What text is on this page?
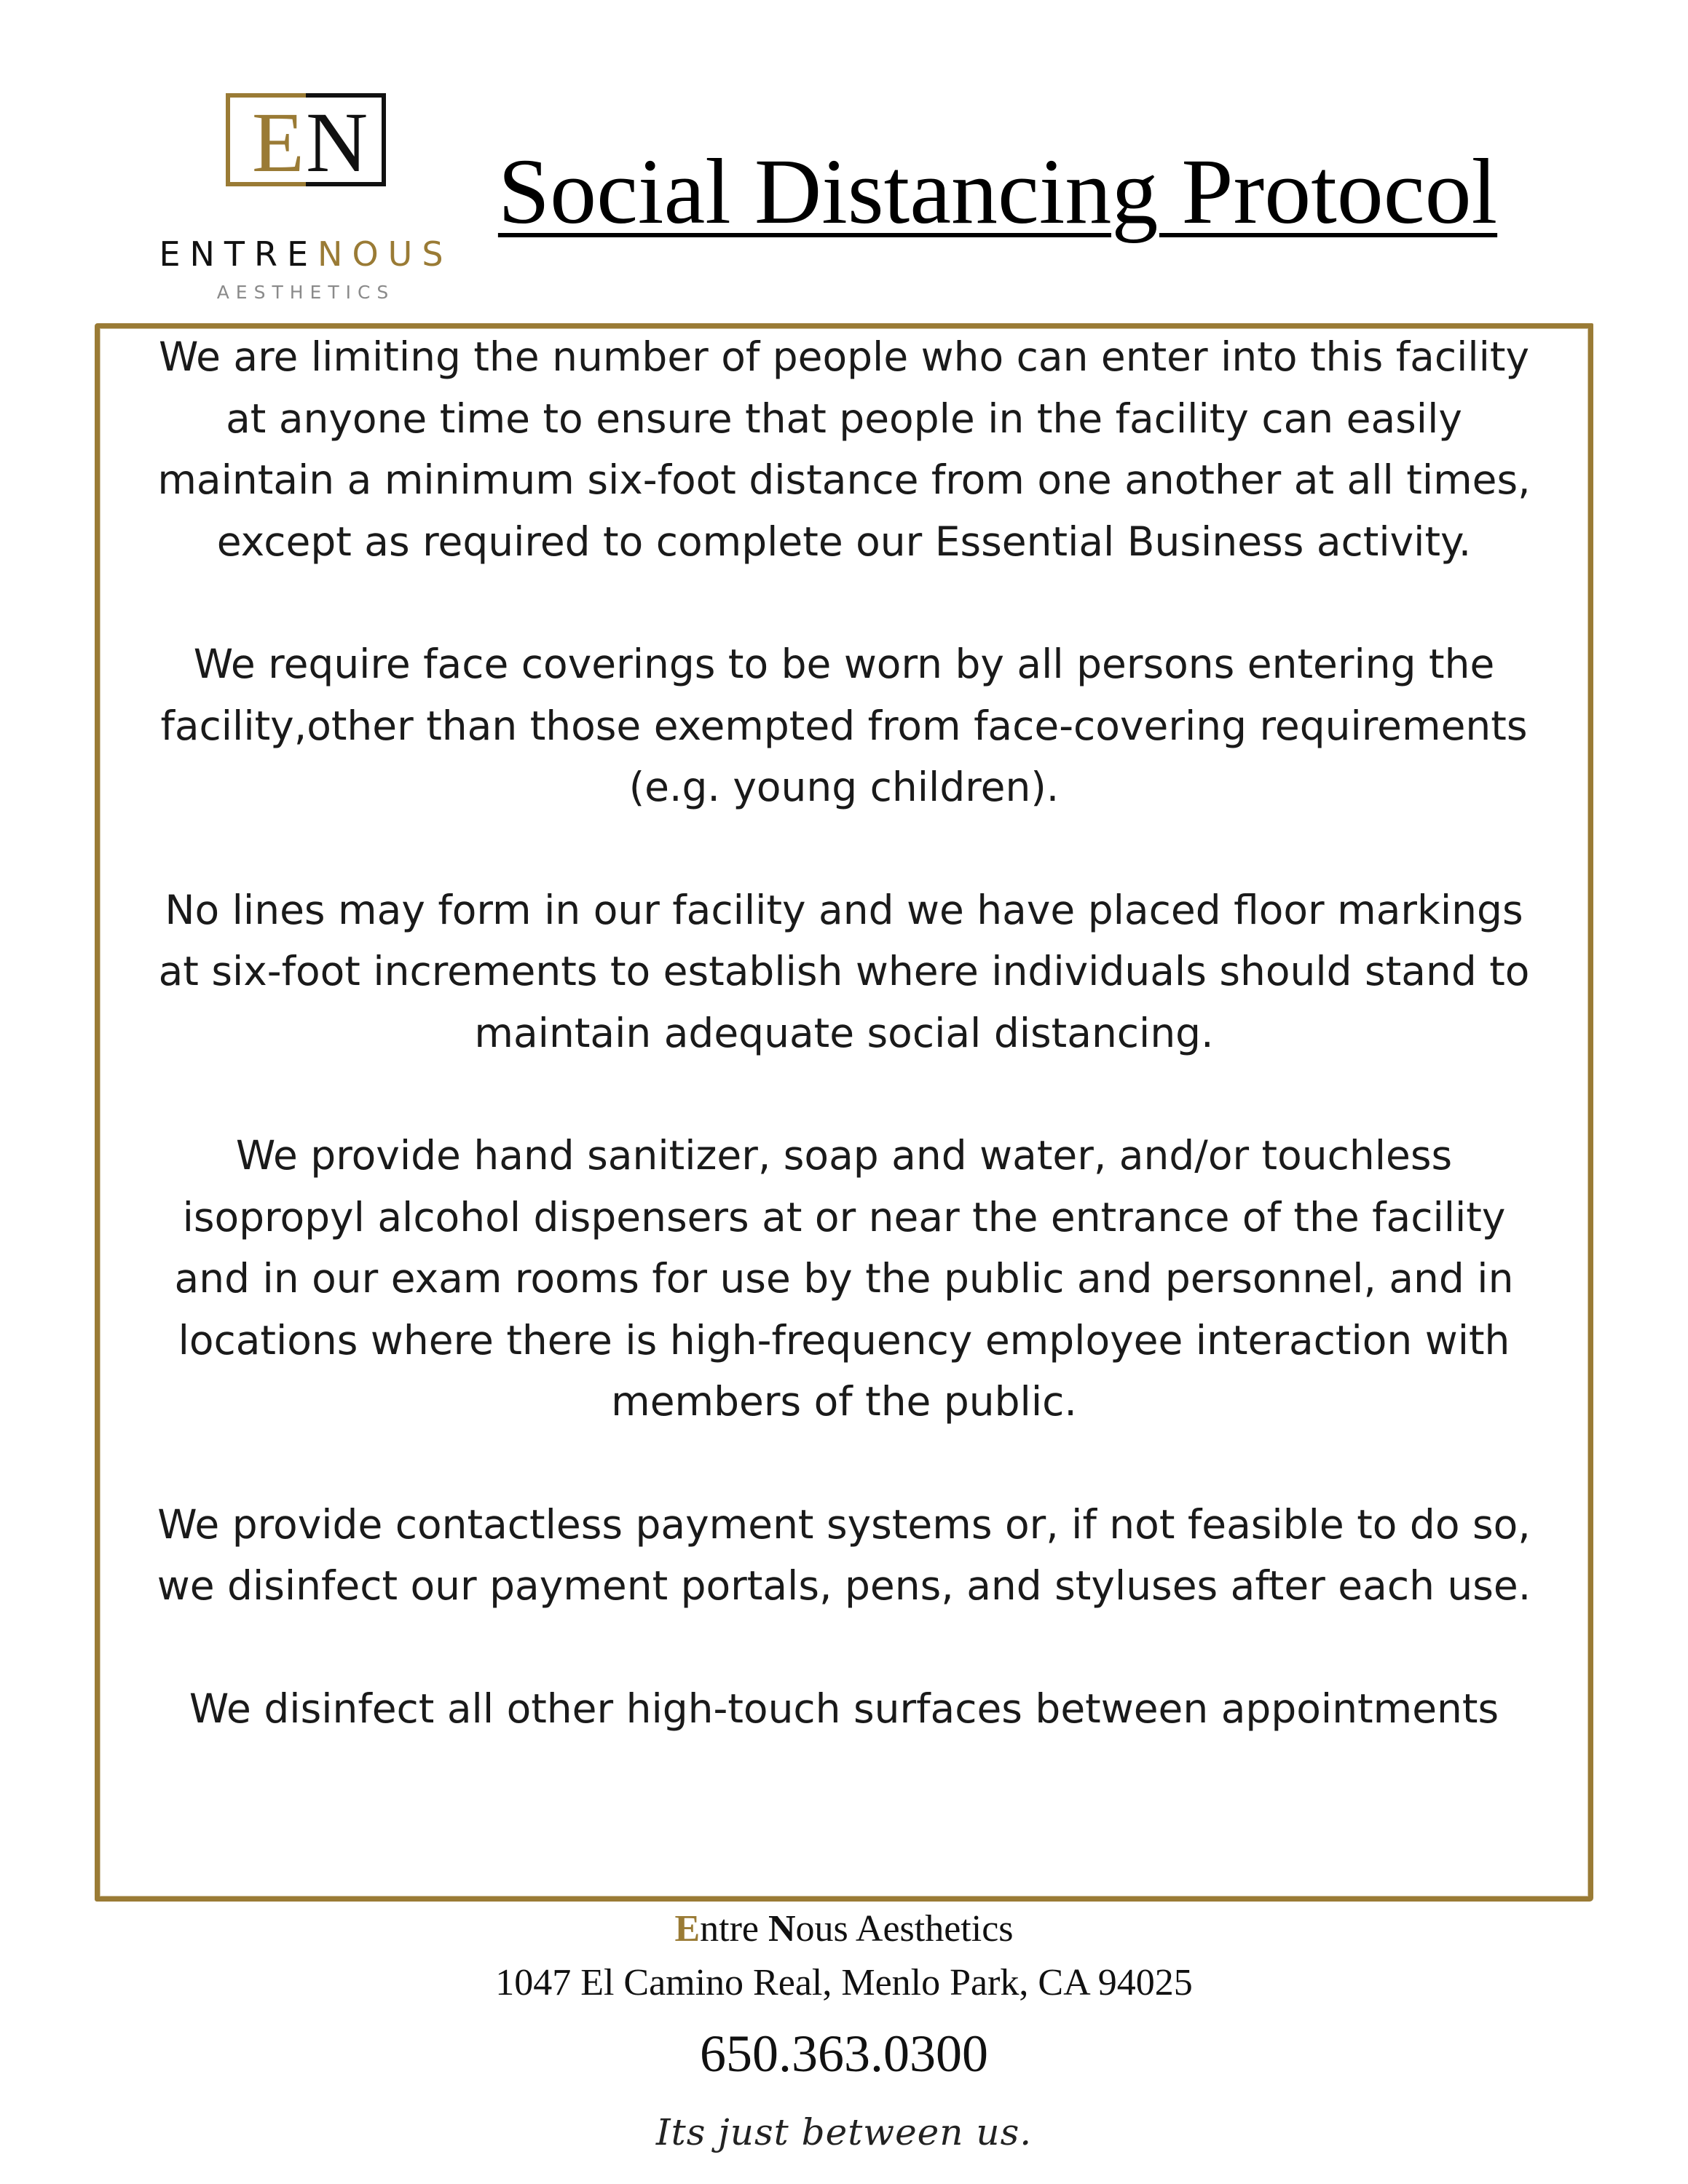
E N
ENTRENOUS
AESTHETICS
Social Distancing Protocol

We are limiting the number of people who can enter into this facility at anyone time to ensure that people in the facility can easily maintain a minimum six-foot distance from one another at all times, except as required to complete our Essential Business activity.

We require face coverings to be worn by all persons entering the facility,other than those exempted from face-covering requirements (e.g. young children).

No lines may form in our facility and we have placed floor markings at six-foot increments to establish where individuals should stand to maintain adequate social distancing.

We provide hand sanitizer, soap and water, and/or touchless isopropyl alcohol dispensers at or near the entrance of the facility and in our exam rooms for use by the public and personnel, and in locations where there is high-frequency employee interaction with members of the public.

We provide contactless payment systems or, if not feasible to do so, we disinfect our payment portals, pens, and styluses after each use.

We disinfect all other high-touch surfaces between appointments

Entre Nous Aesthetics
1047 El Camino Real, Menlo Park, CA 94025
650.363.0300
Its just between us.
